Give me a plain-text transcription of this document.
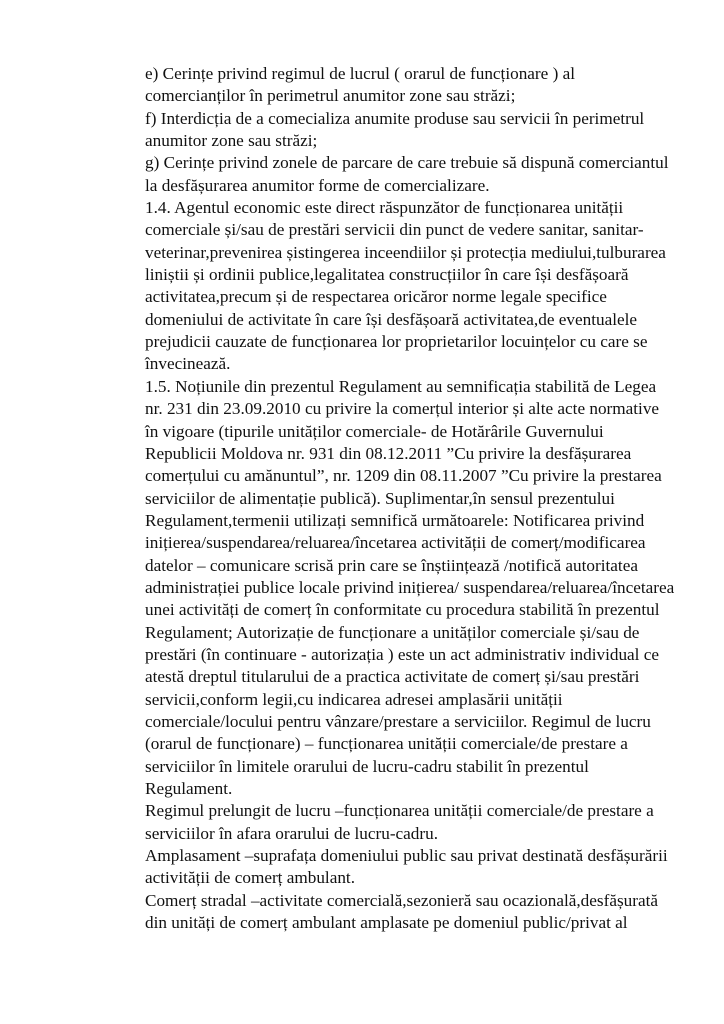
e) Cerințe privind regimul de lucrul ( orarul de funcționare ) al
comercianților în perimetrul anumitor zone sau străzi;
f) Interdicția de a comecializa anumite produse sau servicii în perimetrul
anumitor zone sau străzi;
g) Cerințe privind zonele de parcare de care trebuie să dispună comerciantul
la desfășurarea anumitor forme de comercializare.
1.4. Agentul economic este direct răspunzător de funcționarea unității
comerciale și/sau de prestări servicii din punct de vedere sanitar, sanitar-
veterinar,prevenirea șistingerea inceendiilor și protecția mediului,tulburarea
liniștii și ordinii publice,legalitatea construcțiilor în care își desfășoară
activitatea,precum și de respectarea oricăror norme legale specifice
domeniului de activitate în care își desfășoară activitatea,de eventualele
prejudicii cauzate de funcționarea lor proprietarilor locuințelor cu care se
învecinează.
1.5. Noțiunile din prezentul Regulament au semnificația stabilită de Legea
nr. 231 din 23.09.2010 cu privire la comerțul interior și alte acte normative
în vigoare (tipurile unităților comerciale- de Hotărârile Guvernului
Republicii Moldova nr. 931 din 08.12.2011 ”Cu privire la desfășurarea
comerțului cu amănuntul”, nr. 1209 din 08.11.2007 ”Cu privire la prestarea
serviciilor de alimentație publică). Suplimentar,în sensul prezentului
Regulament,termenii utilizați semnifică următoarele: Notificarea privind
inițierea/suspendarea/reluarea/încetarea activității de comerț/modificarea
datelor – comunicare scrisă prin care se înștiințează /notifică autoritatea
administrației publice locale privind inițierea/ suspendarea/reluarea/încetarea
unei activități de comerț în conformitate cu procedura stabilită în prezentul
Regulament; Autorizație de funcționare a unităților comerciale și/sau de
prestări (în continuare - autorizația ) este un act administrativ individual ce
atestă dreptul titularului de a practica activitate de comerț și/sau prestări
servicii,conform legii,cu indicarea adresei amplasării unității
comerciale/locului pentru vânzare/prestare a serviciilor. Regimul de lucru
(orarul de funcționare) – funcționarea unității comerciale/de prestare a
serviciilor în limitele orarului de lucru-cadru stabilit în prezentul
Regulament.
Regimul prelungit de lucru –funcționarea unității comerciale/de prestare a
serviciilor în afara orarului de lucru-cadru.
Amplasament –suprafața domeniului public sau privat destinată desfășurării
activității de comerț ambulant.
Comerț stradal –activitate comercială,sezonieră sau ocazională,desfășurată
din unități de comerț ambulant amplasate pe domeniul public/privat al
